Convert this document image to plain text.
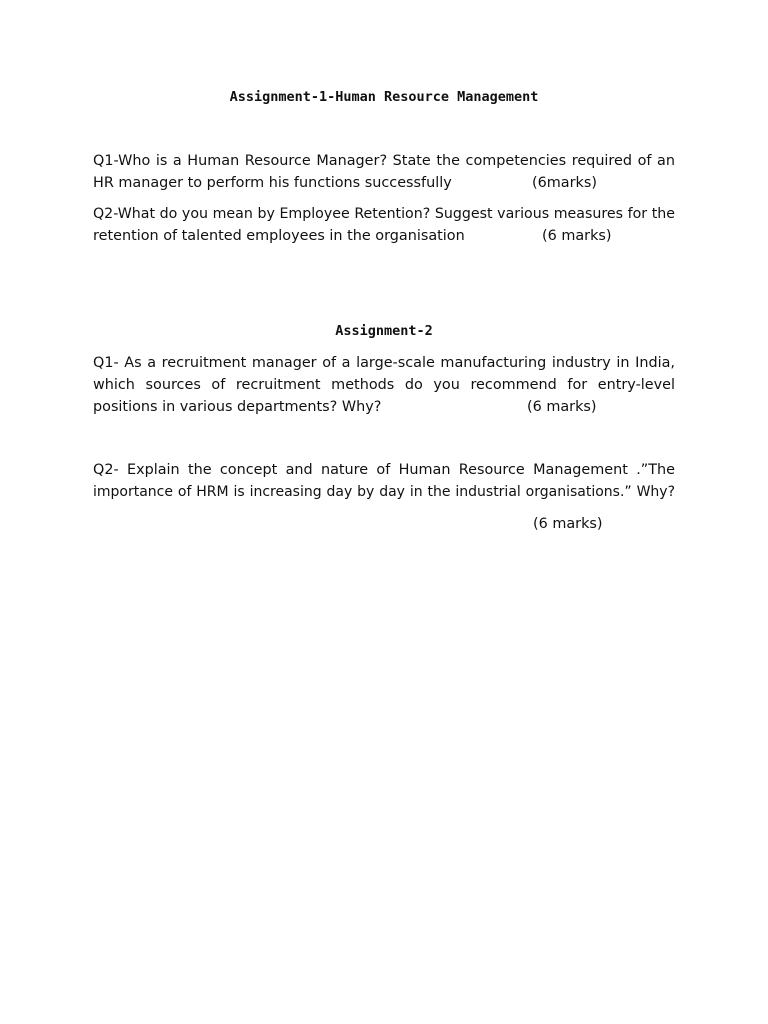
Assignment-1-Human Resource Management
Q1-Who is a Human Resource Manager? State the competencies required of an
HR manager to perform his functions successfully	(6marks)
Q2-What do you mean by Employee Retention? Suggest various measures for the
retention of talented employees in the organisation	(6 marks)
Assignment-2
Q1- As a recruitment manager of a large-scale manufacturing industry in India,
which sources of recruitment methods do you recommend for entry-level
positions in various departments? Why?	(6 marks)
Q2- Explain the concept and nature of Human Resource Management .”The
importance of HRM is increasing day by day in the industrial organisations.” Why?
(6 marks)
